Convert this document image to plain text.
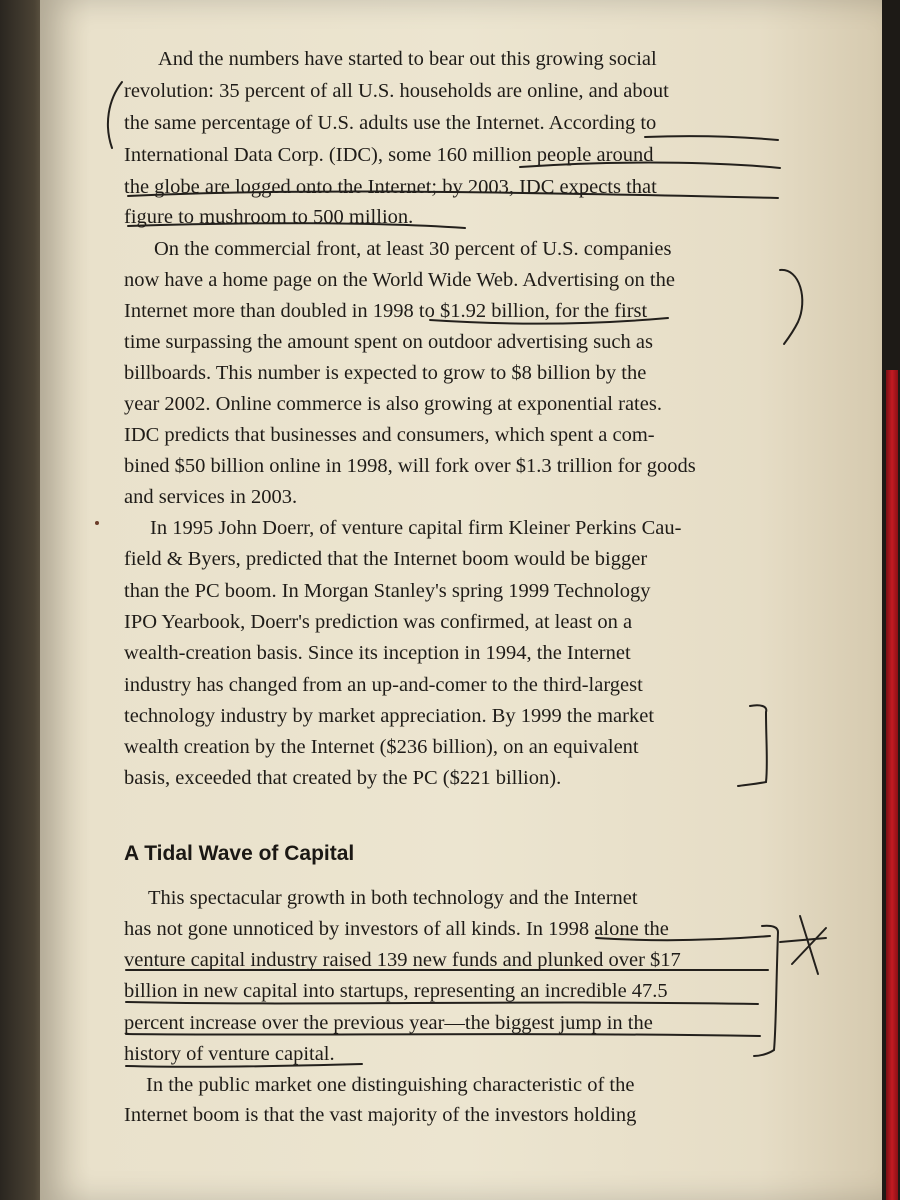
And the numbers have started to bear out this growing social
revolution: 35 percent of all U.S. households are online, and about
the same percentage of U.S. adults use the Internet. According to
International Data Corp. (IDC), some 160 million people around
the globe are logged onto the Internet; by 2003, IDC expects that
figure to mushroom to 500 million.
On the commercial front, at least 30 percent of U.S. companies
now have a home page on the World Wide Web. Advertising on the
Internet more than doubled in 1998 to $1.92 billion, for the first
time surpassing the amount spent on outdoor advertising such as
billboards. This number is expected to grow to $8 billion by the
year 2002. Online commerce is also growing at exponential rates.
IDC predicts that businesses and consumers, which spent a com-
bined $50 billion online in 1998, will fork over $1.3 trillion for goods
and services in 2003.
In 1995 John Doerr, of venture capital firm Kleiner Perkins Cau-
field & Byers, predicted that the Internet boom would be bigger
than the PC boom. In Morgan Stanley's spring 1999 Technology
IPO Yearbook, Doerr's prediction was confirmed, at least on a
wealth-creation basis. Since its inception in 1994, the Internet
industry has changed from an up-and-comer to the third-largest
technology industry by market appreciation. By 1999 the market
wealth creation by the Internet ($236 billion), on an equivalent
basis, exceeded that created by the PC ($221 billion).
A Tidal Wave of Capital
This spectacular growth in both technology and the Internet
has not gone unnoticed by investors of all kinds. In 1998 alone the
venture capital industry raised 139 new funds and plunked over $17
billion in new capital into startups, representing an incredible 47.5
percent increase over the previous year—the biggest jump in the
history of venture capital.
In the public market one distinguishing characteristic of the
Internet boom is that the vast majority of the investors holding
